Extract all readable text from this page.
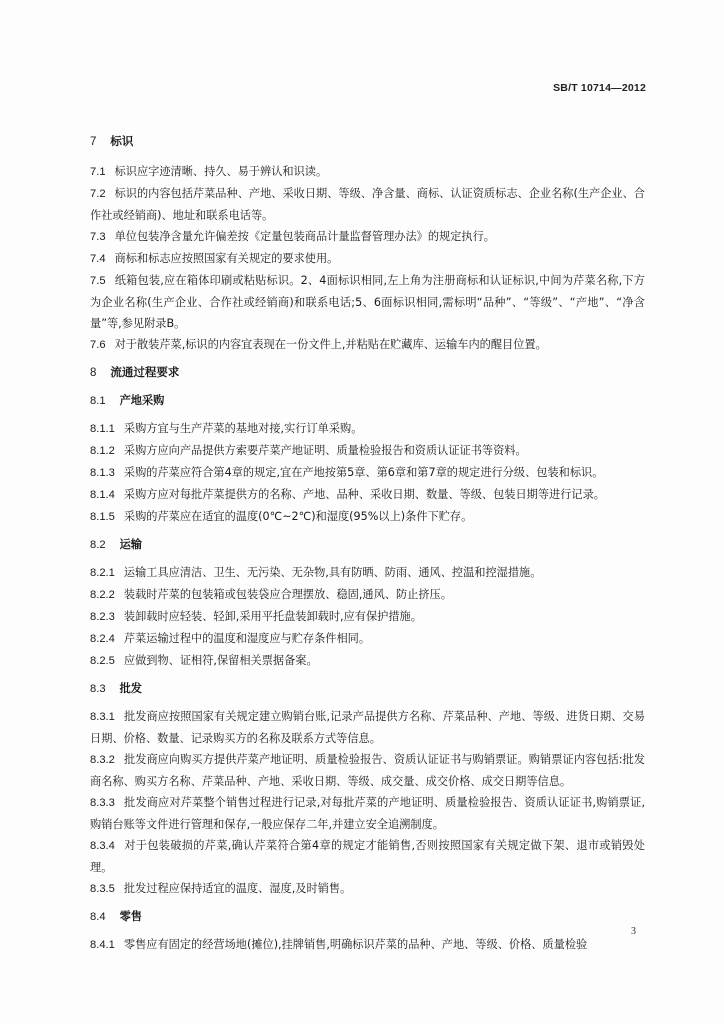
SB/T 10714—2012

7 标识

7.1 标识应字迹清晰、持久、易于辨认和识读。

7.2 标识的内容包括芹菜品种、产地、采收日期、等级、净含量、商标、认证资质标志、企业名称(生产企业、合作社或经销商)、地址和联系电话等。

7.3 单位包装净含量允许偏差按《定量包装商品计量监督管理办法》的规定执行。

7.4 商标和标志应按照国家有关规定的要求使用。

7.5 纸箱包装,应在箱体印刷或粘贴标识。2、4面标识相同,左上角为注册商标和认证标识,中间为芹菜名称,下方为企业名称(生产企业、合作社或经销商)和联系电话;5、6面标识相同,需标明“品种”、“等级”、“产地”、“净含量”等,参见附录B。

7.6 对于散装芹菜,标识的内容宜表现在一份文件上,并粘贴在贮藏库、运输车内的醒目位置。

8 流通过程要求

8.1 产地采购

8.1.1 采购方宜与生产芹菜的基地对接,实行订单采购。

8.1.2 采购方应向产品提供方索要芹菜产地证明、质量检验报告和资质认证证书等资料。

8.1.3 采购的芹菜应符合第4章的规定,宜在产地按第5章、第6章和第7章的规定进行分级、包装和标识。

8.1.4 采购方应对每批芹菜提供方的名称、产地、品种、采收日期、数量、等级、包装日期等进行记录。

8.1.5 采购的芹菜应在适宜的温度(0℃~2℃)和湿度(95%以上)条件下贮存。

8.2 运输

8.2.1 运输工具应清洁、卫生、无污染、无杂物,具有防晒、防雨、通风、控温和控湿措施。

8.2.2 装载时芹菜的包装箱或包装袋应合理摆放、稳固,通风、防止挤压。

8.2.3 装卸载时应轻装、轻卸,采用平托盘装卸载时,应有保护措施。

8.2.4 芹菜运输过程中的温度和湿度应与贮存条件相同。

8.2.5 应做到物、证相符,保留相关票据备案。

8.3 批发

8.3.1 批发商应按照国家有关规定建立购销台账,记录产品提供方名称、芹菜品种、产地、等级、进货日期、交易日期、价格、数量、记录购买方的名称及联系方式等信息。

8.3.2 批发商应向购买方提供芹菜产地证明、质量检验报告、资质认证证书与购销票证。购销票证内容包括:批发商名称、购买方名称、芹菜品种、产地、采收日期、等级、成交量、成交价格、成交日期等信息。

8.3.3 批发商应对芹菜整个销售过程进行记录,对每批芹菜的产地证明、质量检验报告、资质认证证书,购销票证,购销台账等文件进行管理和保存,一般应保存二年,并建立安全追溯制度。

8.3.4 对于包装破损的芹菜,确认芹菜符合第4章的规定才能销售,否则按照国家有关规定做下架、退市或销毁处理。

8.3.5 批发过程应保持适宜的温度、湿度,及时销售。

8.4 零售

8.4.1 零售应有固定的经营场地(摊位),挂牌销售,明确标识芹菜的品种、产地、等级、价格、质量检验

3
